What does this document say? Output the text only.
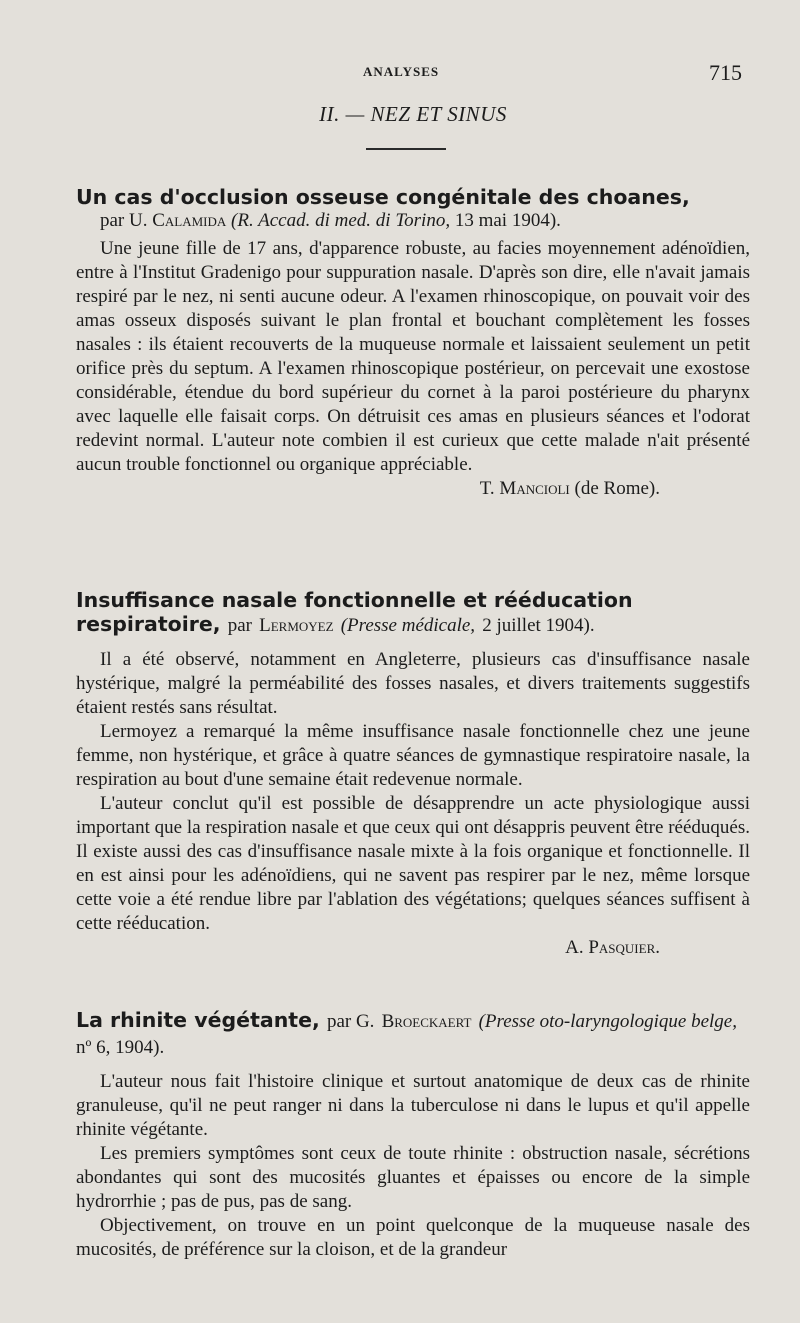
ANALYSES	715
II. — NEZ ET SINUS
Un cas d'occlusion osseuse congénitale des choanes,
par U. Calamida (R. Accad. di med. di Torino, 13 mai 1904).

Une jeune fille de 17 ans, d'apparence robuste, au facies moyennement adénoïdien, entre à l'Institut Gradenigo pour suppuration nasale. D'après son dire, elle n'avait jamais respiré par le nez, ni senti aucune odeur. A l'examen rhinoscopique, on pouvait voir des amas osseux disposés suivant le plan frontal et bouchant complètement les fosses nasales : ils étaient recouverts de la muqueuse normale et laissaient seulement un petit orifice près du septum. A l'examen rhinoscopique postérieur, on percevait une exostose considérable, étendue du bord supérieur du cornet à la paroi postérieure du pharynx avec laquelle elle faisait corps. On détruisit ces amas en plusieurs séances et l'odorat redevint normal. L'auteur note combien il est curieux que cette malade n'ait présenté aucun trouble fonctionnel ou organique appréciable.

T. Mancioli (de Rome).
Insuffisance nasale fonctionnelle et rééducation respiratoire, par Lermoyez (Presse médicale, 2 juillet 1904).

Il a été observé, notamment en Angleterre, plusieurs cas d'insuffisance nasale hystérique, malgré la perméabilité des fosses nasales, et divers traitements suggestifs étaient restés sans résultat.

Lermoyez a remarqué la même insuffisance nasale fonctionnelle chez une jeune femme, non hystérique, et grâce à quatre séances de gymnastique respiratoire nasale, la respiration au bout d'une semaine était redevenue normale.

L'auteur conclut qu'il est possible de désapprendre un acte physiologique aussi important que la respiration nasale et que ceux qui ont désappris peuvent être rééduqués. Il existe aussi des cas d'insuffisance nasale mixte à la fois organique et fonctionnelle. Il en est ainsi pour les adénoïdiens, qui ne savent pas respirer par le nez, même lorsque cette voie a été rendue libre par l'ablation des végétations; quelques séances suffisent à cette rééducation.

A. Pasquier.
La rhinite végétante, par G. Broeckaert (Presse oto-laryngologique belge, nº 6, 1904).

L'auteur nous fait l'histoire clinique et surtout anatomique de deux cas de rhinite granuleuse, qu'il ne peut ranger ni dans la tuberculose ni dans le lupus et qu'il appelle rhinite végétante.

Les premiers symptômes sont ceux de toute rhinite : obstruction nasale, sécrétions abondantes qui sont des mucosités gluantes et épaisses ou encore de la simple hydrorrhie ; pas de pus, pas de sang.

Objectivement, on trouve en un point quelconque de la muqueuse nasale des mucosités, de préférence sur la cloison, et de la grandeur
